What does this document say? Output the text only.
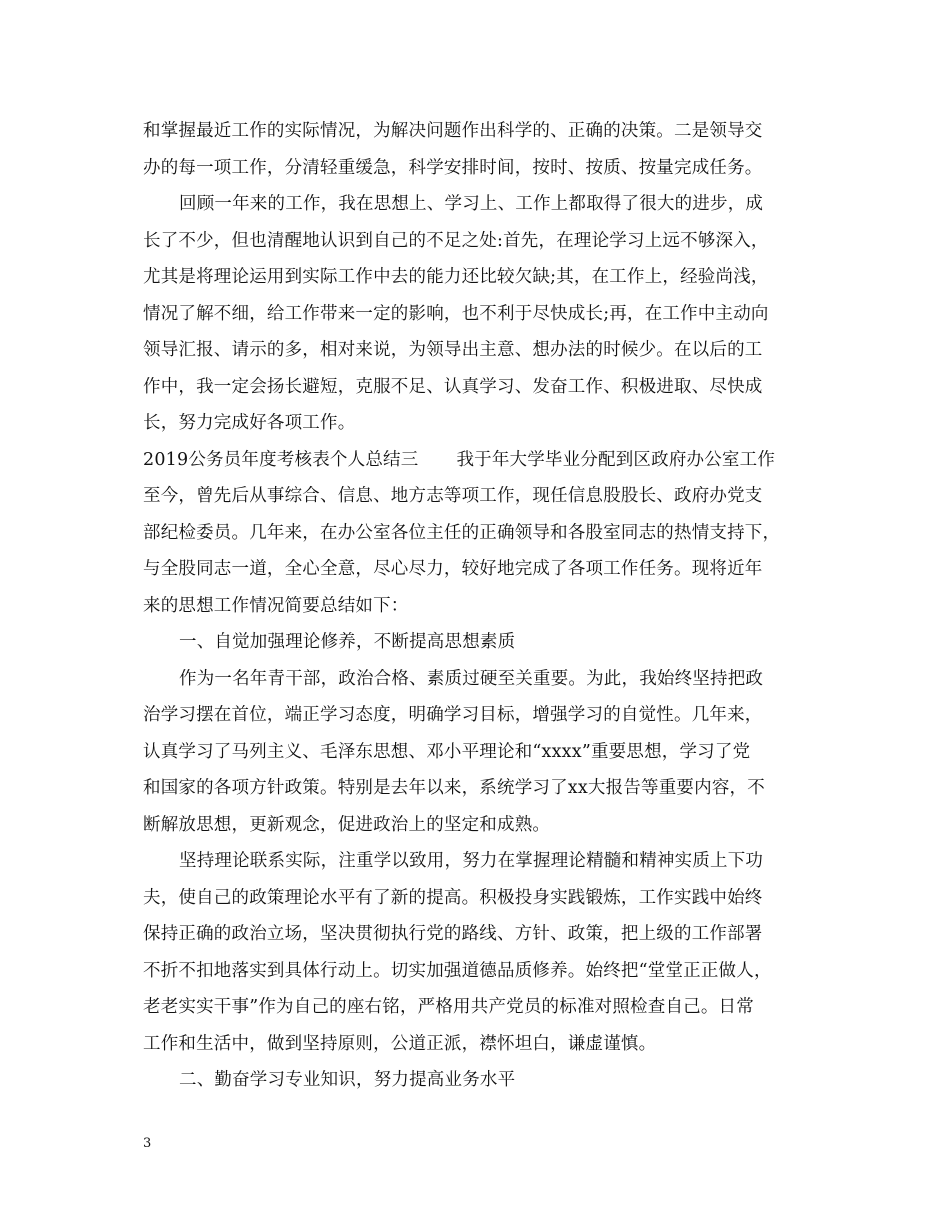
和掌握最近工作的实际情况，为解决问题作出科学的、正确的决策。二是领导交
办的每一项工作，分清轻重缓急，科学安排时间，按时、按质、按量完成任务。
回顾一年来的工作，我在思想上、学习上、工作上都取得了很大的进步，成
长了不少，但也清醒地认识到自己的不足之处:首先，在理论学习上远不够深入，
尤其是将理论运用到实际工作中去的能力还比较欠缺;其，在工作上，经验尚浅，
情况了解不细，给工作带来一定的影响，也不利于尽快成长;再，在工作中主动向
领导汇报、请示的多，相对来说，为领导出主意、想办法的时候少。在以后的工
作中，我一定会扬长避短，克服不足、认真学习、发奋工作、积极进取、尽快成
长，努力完成好各项工作。
2019公务员年度考核表个人总结三 我于年大学毕业分配到区政府办公室工作
至今，曾先后从事综合、信息、地方志等项工作，现任信息股股长、政府办党支
部纪检委员。几年来，在办公室各位主任的正确领导和各股室同志的热情支持下，
与全股同志一道，全心全意，尽心尽力，较好地完成了各项工作任务。现将近年
来的思想工作情况简要总结如下：
一、自觉加强理论修养，不断提高思想素质
作为一名年青干部，政治合格、素质过硬至关重要。为此，我始终坚持把政
治学习摆在首位，端正学习态度，明确学习目标，增强学习的自觉性。几年来，
认真学习了马列主义、毛泽东思想、邓小平理论和“xxxx”重要思想，学习了党
和国家的各项方针政策。特别是去年以来，系统学习了xx大报告等重要内容，不
断解放思想，更新观念，促进政治上的坚定和成熟。
坚持理论联系实际，注重学以致用，努力在掌握理论精髓和精神实质上下功
夫，使自己的政策理论水平有了新的提高。积极投身实践锻炼，工作实践中始终
保持正确的政治立场，坚决贯彻执行党的路线、方针、政策，把上级的工作部署
不折不扣地落实到具体行动上。切实加强道德品质修养。始终把“堂堂正正做人，
老老实实干事”作为自己的座右铭，严格用共产党员的标准对照检查自己。日常
工作和生活中，做到坚持原则，公道正派，襟怀坦白，谦虚谨慎。
二、勤奋学习专业知识，努力提高业务水平
3
